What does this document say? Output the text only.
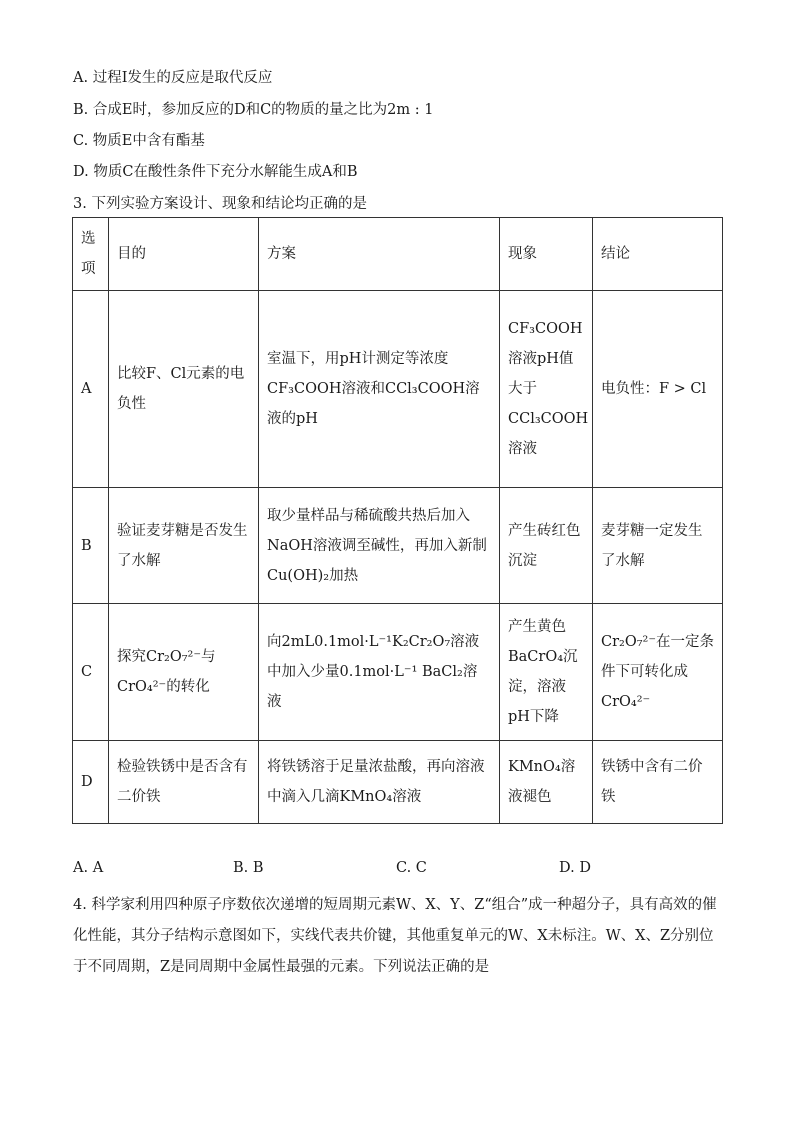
A. 过程Ⅰ发生的反应是取代反应
B. 合成E时，参加反应的D和C的物质的量之比为2m : 1
C. 物质E中含有酯基
D. 物质C在酸性条件下充分水解能生成A和B
3. 下列实验方案设计、现象和结论均正确的是
选项	目的	方案	现象	结论
A	比较F、Cl元素的电负性	室温下，用pH计测定等浓度CF₃COOH溶液和CCl₃COOH溶液的pH	CF₃COOH溶液pH值大于CCl₃COOH溶液	电负性：F > Cl
B	验证麦芽糖是否发生了水解	取少量样品与稀硫酸共热后加入NaOH溶液调至碱性，再加入新制Cu(OH)₂加热	产生砖红色沉淀	麦芽糖一定发生了水解
C	探究Cr₂O₇²⁻与CrO₄²⁻的转化	向2mL0.1mol·L⁻¹K₂Cr₂O₇溶液中加入少量0.1mol·L⁻¹ BaCl₂溶液	产生黄色BaCrO₄沉淀，溶液pH下降	Cr₂O₇²⁻在一定条件下可转化成CrO₄²⁻
D	检验铁锈中是否含有二价铁	将铁锈溶于足量浓盐酸，再向溶液中滴入几滴KMnO₄溶液	KMnO₄溶液褪色	铁锈中含有二价铁
A. A	B. B	C. C	D. D
4. 科学家利用四种原子序数依次递增的短周期元素W、X、Y、Z“组合”成一种超分子，具有高效的催化性能，其分子结构示意图如下，实线代表共价键，其他重复单元的W、X未标注。W、X、Z分别位于不同周期，Z是同周期中金属性最强的元素。下列说法正确的是
